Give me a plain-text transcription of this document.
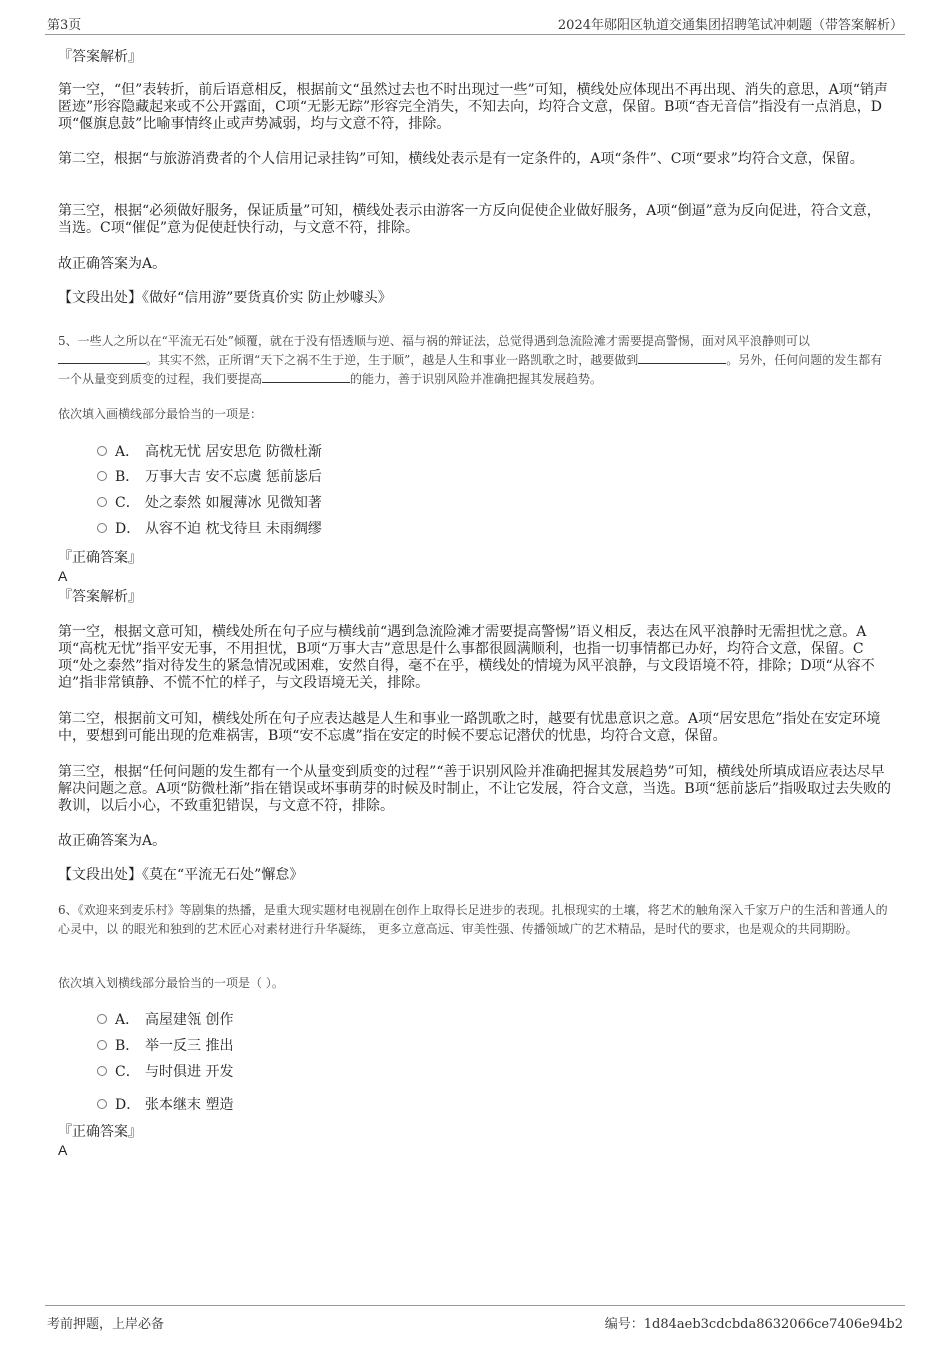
第3页	2024年郧阳区轨道交通集团招聘笔试冲刺题（带答案解析）
『答案解析』
第一空，“但”表转折，前后语意相反，根据前文“虽然过去也不时出现过一些”可知，横线处应体现出不再出现、消失的意思，A项“销声匿迹”形容隐藏起来或不公开露面，C项“无影无踪”形容完全消失，不知去向，均符合文意，保留。B项“杳无音信”指没有一点消息，D项“偃旗息鼓”比喻事情终止或声势减弱，均与文意不符，排除。
第二空，根据“与旅游消费者的个人信用记录挂钩”可知，横线处表示是有一定条件的，A项“条件”、C项“要求”均符合文意，保留。
第三空，根据“必须做好服务，保证质量”可知，横线处表示由游客一方反向促使企业做好服务，A项“倒逼”意为反向促进，符合文意，当选。C项“催促”意为促使赶快行动，与文意不符，排除。
故正确答案为A。
【文段出处】《做好“信用游”要货真价实 防止炒噱头》
5、一些人之所以在“平流无石处”倾覆，就在于没有悟透顺与逆、福与祸的辩证法，总觉得遇到急流险滩才需要提高警惕，面对风平浪静则可以。其实不然，正所谓“天下之祸不生于逆，生于顺”，越是人生和事业一路凯歌之时，越要做到	。另外，任何问题的发生都有一个从量变到质变的过程，我们要提高	的能力，善于识别风险并准确把握其发展趋势。
依次填入画横线部分最恰当的一项是：
A． 高枕无忧 居安思危 防微杜渐
B． 万事大吉 安不忘虞 惩前毖后
C． 处之泰然 如履薄冰 见微知著
D． 从容不迫 枕戈待旦 未雨绸缪
『正确答案』
A
『答案解析』
第一空，根据文意可知，横线处所在句子应与横线前“遇到急流险滩才需要提高警惕”语义相反，表达在风平浪静时无需担忧之意。A项“高枕无忧”指平安无事，不用担忧，B项“万事大吉”意思是什么事都很圆满顺利，也指一切事情都已办好，均符合文意，保留。C项“处之泰然”指对待发生的紧急情况或困难，安然自得，毫不在乎，横线处的情境为风平浪静，与文段语境不符，排除；D项“从容不迫”指非常镇静、不慌不忙的样子，与文段语境无关，排除。
第二空，根据前文可知，横线处所在句子应表达越是人生和事业一路凯歌之时，越要有忧患意识之意。A项“居安思危”指处在安定环境中，要想到可能出现的危难祸害，B项“安不忘虞”指在安定的时候不要忘记潜伏的忧患，均符合文意，保留。
第三空，根据“任何问题的发生都有一个从量变到质变的过程”“善于识别风险并准确把握其发展趋势”可知，横线处所填成语应表达尽早解决问题之意。A项“防微杜渐”指在错误或坏事萌芽的时候及时制止，不让它发展，符合文意，当选。B项“惩前毖后”指吸取过去失败的教训，以后小心，不致重犯错误，与文意不符，排除。
故正确答案为A。
【文段出处】《莫在“平流无石处”懈怠》
6、《欢迎来到麦乐村》等剧集的热播，是重大现实题材电视剧在创作上取得长足进步的表现。扎根现实的土壤，将艺术的触角深入千家万户的生活和普通人的心灵中，以 的眼光和独到的艺术匠心对素材进行升华凝练， 更多立意高远、审美性强、传播领域广的艺术精品，是时代的要求，也是观众的共同期盼。
依次填入划横线部分最恰当的一项是（ ）。
A． 高屋建瓴 创作
B． 举一反三 推出
C． 与时俱进 开发
D． 张本继末 塑造
『正确答案』
A
考前押题，上岸必备	编号：1d84aeb3cdcbda8632066ce7406e94b2
